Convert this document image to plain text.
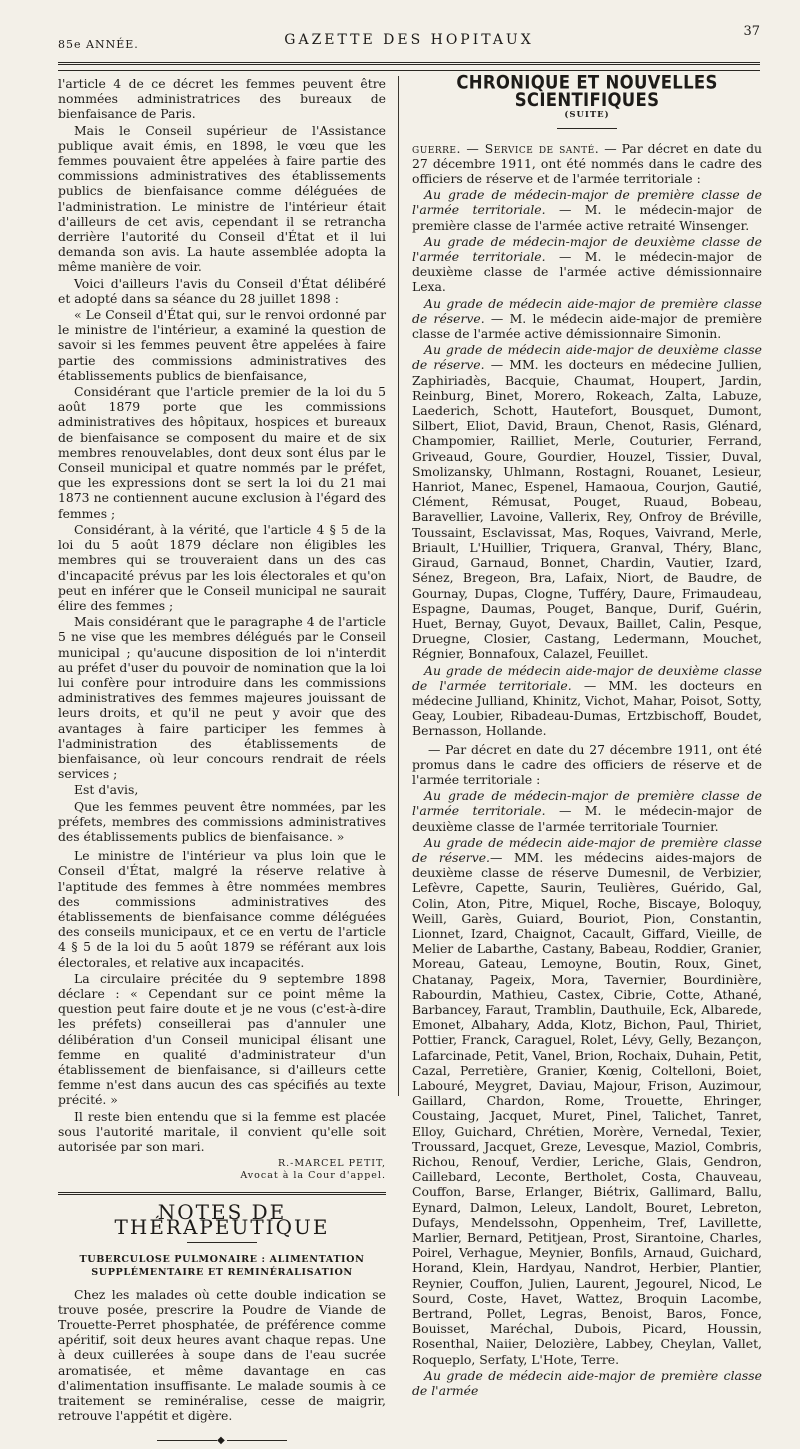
85e ANNÉE.	GAZETTE DES HOPITAUX
37

l'article 4 de ce décret les femmes peuvent être nommées administratrices des bureaux de bienfaisance de Paris.

Mais le Conseil supérieur de l'Assistance publique avait émis, en 1898, le vœu que les femmes pouvaient être appelées à faire partie des commissions administratives des établissements publics de bienfaisance comme déléguées de l'administration. Le ministre de l'intérieur était d'ailleurs de cet avis, cependant il se retrancha derrière l'autorité du Conseil d'État et il lui demanda son avis. La haute assemblée adopta la même manière de voir.

Voici d'ailleurs l'avis du Conseil d'État délibéré et adopté dans sa séance du 28 juillet 1898 :

« Le Conseil d'État qui, sur le renvoi ordonné par le ministre de l'intérieur, a examiné la question de savoir si les femmes peuvent être appelées à faire partie des commissions administratives des établissements publics de bienfaisance,

Considérant que l'article premier de la loi du 5 août 1879 porte que les commissions administratives des hôpitaux, hospices et bureaux de bienfaisance se composent du maire et de six membres renouvelables, dont deux sont élus par le Conseil municipal et quatre nommés par le préfet, que les expressions dont se sert la loi du 21 mai 1873 ne contiennent aucune exclusion à l'égard des femmes ;

Considérant, à la vérité, que l'article 4 § 5 de la loi du 5 août 1879 déclare non éligibles les membres qui se trouveraient dans un des cas d'incapacité prévus par les lois électorales et qu'on peut en inférer que le Conseil municipal ne saurait élire des femmes ;

Mais considérant que le paragraphe 4 de l'article 5 ne vise que les membres délégués par le Conseil municipal ; qu'aucune disposition de loi n'interdit au préfet d'user du pouvoir de nomination que la loi lui confère pour introduire dans les commissions administratives des femmes majeures jouissant de leurs droits, et qu'il ne peut y avoir que des avantages à faire participer les femmes à l'administration des établissements de bienfaisance, où leur concours rendrait de réels services ;

Est d'avis,

Que les femmes peuvent être nommées, par les préfets, membres des commissions administratives des établissements publics de bienfaisance. »

Le ministre de l'intérieur va plus loin que le Conseil d'État, malgré la réserve relative à l'aptitude des femmes à être nommées membres des commissions administratives des établissements de bienfaisance comme déléguées des conseils municipaux, et ce en vertu de l'article 4 § 5 de la loi du 5 août 1879 se référant aux lois électorales, et relative aux incapacités.

La circulaire précitée du 9 septembre 1898 déclare : « Cependant sur ce point même la question peut faire doute et je ne vous (c'est-à-dire les préfets) conseillerai pas d'annuler une délibération d'un Conseil municipal élisant une femme en qualité d'administrateur d'un établissement de bienfaisance, si d'ailleurs cette femme n'est dans aucun des cas spécifiés au texte précité. »

Il reste bien entendu que si la femme est placée sous l'autorité maritale, il convient qu'elle soit autorisée par son mari.

R.-MARCEL PETIT,
Avocat à la Cour d'appel.
NOTES DE THÉRAPEUTIQUE
TUBERCULOSE PULMONAIRE : ALIMENTATION SUPPLÉMENTAIRE ET REMINÉRALISATION

Chez les malades où cette double indication se trouve posée, prescrire la Poudre de Viande de Trouette-Perret phosphatée, de préférence comme apéritif, soit deux heures avant chaque repas. Une à deux cuillerées à soupe dans de l'eau sucrée aromatisée, et même davantage en cas d'alimentation insuffisante. Le malade soumis à ce traitement se reminéralise, cesse de maigrir, retrouve l'appétit et digère.

◆
CHRONIQUE ET NOUVELLES SCIENTIFIQUES
(SUITE)

guerre. — Service de santé. — Par décret en date du 27 décembre 1911, ont été nommés dans le cadre des officiers de réserve et de l'armée territoriale :

Au grade de médecin-major de première classe de l'armée territoriale. — M. le médecin-major de première classe de l'armée active retraité Winsenger.

Au grade de médecin-major de deuxième classe de l'armée territoriale. — M. le médecin-major de deuxième classe de l'armée active démissionnaire Lexa.

Au grade de médecin aide-major de première classe de réserve. — M. le médecin aide-major de première classe de l'armée active démissionnaire Simonin.

Au grade de médecin aide-major de deuxième classe de réserve. — MM. les docteurs en médecine Jullien, Zaphiriadès, Bacquie, Chaumat, Houpert, Jardin, Reinburg, Binet, Morero, Rokeach, Zalta, Labuze, Laederich, Schott, Hautefort, Bousquet, Dumont, Silbert, Eliot, David, Braun, Chenot, Rasis, Glénard, Champomier, Railliet, Merle, Couturier, Ferrand, Griveaud, Goure, Gourdier, Houzel, Tissier, Duval, Smolizansky, Uhlmann, Rostagni, Rouanet, Lesieur, Hanriot, Manec, Espenel, Hamaoua, Courjon, Gautié, Clément, Rémusat, Pouget, Ruaud, Bobeau, Baravellier, Lavoine, Vallerix, Rey, Onfroy de Bréville, Toussaint, Esclavissat, Mas, Roques, Vaivrand, Merle, Briault, L'Huillier, Triquera, Granval, Théry, Blanc, Giraud, Garnaud, Bonnet, Chardin, Vautier, Izard, Sénez, Bregeon, Bra, Lafaix, Niort, de Baudre, de Gournay, Dupas, Clogne, Tufféry, Daure, Frimaudeau, Espagne, Daumas, Pouget, Banque, Durif, Guérin, Huet, Bernay, Guyot, Devaux, Baillet, Calin, Pesque, Druegne, Closier, Castang, Ledermann, Mouchet, Régnier, Bonnafoux, Calazel, Feuillet.

Au grade de médecin aide-major de deuxième classe de l'armée territoriale. — MM. les docteurs en médecine Julliand, Khinitz, Vichot, Mahar, Poisot, Sotty, Geay, Loubier, Ribadeau-Dumas, Ertzbischoff, Boudet, Bernasson, Hollande.

— Par décret en date du 27 décembre 1911, ont été promus dans le cadre des officiers de réserve et de l'armée territoriale :

Au grade de médecin-major de première classe de l'armée territoriale. — M. le médecin-major de deuxième classe de l'armée territoriale Tournier.

Au grade de médecin aide-major de première classe de réserve.— MM. les médecins aides-majors de deuxième classe de réserve Dumesnil, de Verbizier, Lefèvre, Capette, Saurin, Teulières, Guérido, Gal, Colin, Aton, Pitre, Miquel, Roche, Biscaye, Boloquy, Weill, Garès, Guiard, Bouriot, Pion, Constantin, Lionnet, Izard, Chaignot, Cacault, Giffard, Vieille, de Melier de Labarthe, Castany, Babeau, Roddier, Granier, Moreau, Gateau, Lemoyne, Boutin, Roux, Ginet, Chatanay, Pageix, Mora, Tavernier, Bourdinière, Rabourdin, Mathieu, Castex, Cibrie, Cotte, Athané, Barbancey, Faraut, Tramblin, Dauthuile, Eck, Albarede, Emonet, Albahary, Adda, Klotz, Bichon, Paul, Thiriet, Pottier, Franck, Caraguel, Rolet, Lévy, Gelly, Bezançon, Lafarcinade, Petit, Vanel, Brion, Rochaix, Duhain, Petit, Cazal, Perretière, Granier, Kœnig, Coltelloni, Boiet, Labouré, Meygret, Daviau, Majour, Frison, Auzimour, Gaillard, Chardon, Rome, Trouette, Ehringer, Coustaing, Jacquet, Muret, Pinel, Talichet, Tanret, Elloy, Guichard, Chrétien, Morère, Vernedal, Texier, Troussard, Jacquet, Greze, Levesque, Maziol, Combris, Richou, Renouf, Verdier, Leriche, Glais, Gendron, Caillebard, Leconte, Bertholet, Costa, Chauveau, Couffon, Barse, Erlanger, Biétrix, Gallimard, Ballu, Eynard, Dalmon, Leleux, Landolt, Bouret, Lebreton, Dufays, Mendelssohn, Oppenheim, Tref, Lavillette, Marlier, Bernard, Petitjean, Prost, Sirantoine, Charles, Poirel, Verhague, Meynier, Bonfils, Arnaud, Guichard, Horand, Klein, Hardyau, Nandrot, Herbier, Plantier, Reynier, Couffon, Julien, Laurent, Jegourel, Nicod, Le Sourd, Coste, Havet, Wattez, Broquin Lacombe, Bertrand, Pollet, Legras, Benoist, Baros, Fonce, Bouisset, Maréchal, Dubois, Picard, Houssin, Rosenthal, Naiier, Delozière, Labbey, Cheylan, Vallet, Roqueplo, Serfaty, L'Hote, Terre.

Au grade de médecin aide-major de première classe de l'armée
